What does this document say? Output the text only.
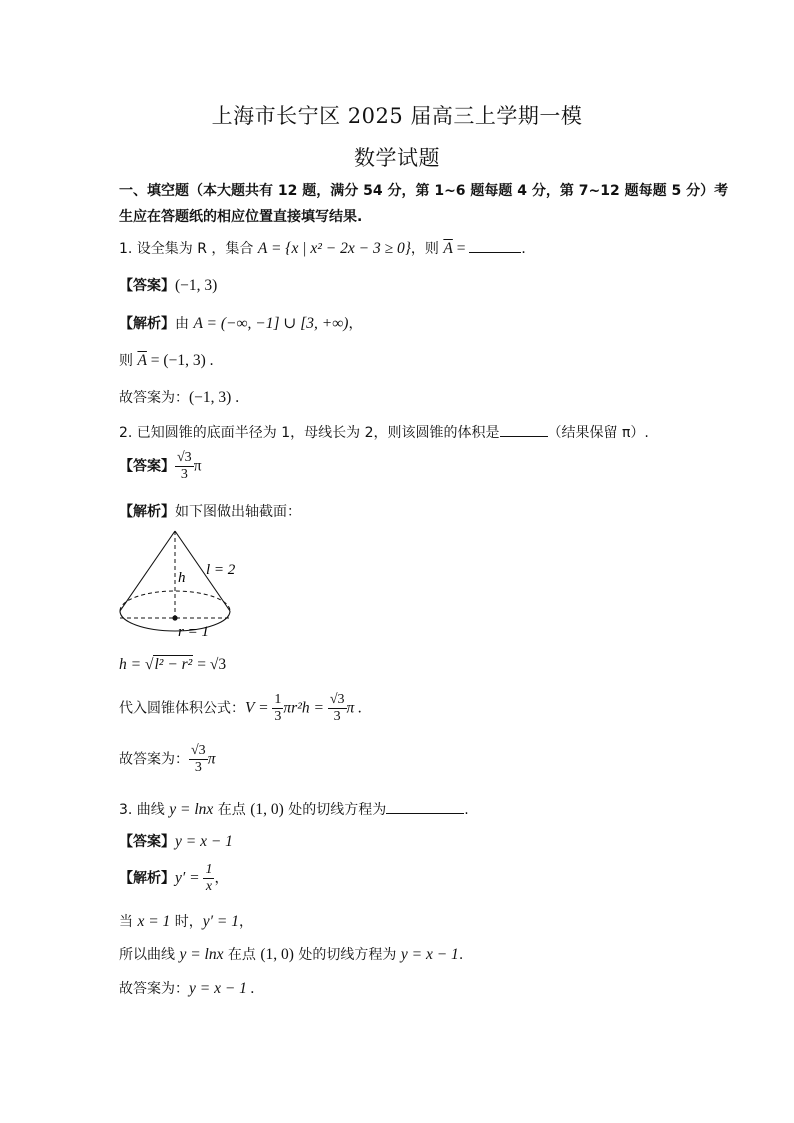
上海市长宁区 2025 届高三上学期一模
数学试题
一、填空题（本大题共有 12 题，满分 54 分，第 1~6 题每题 4 分，第 7~12 题每题 5 分）考
生应在答题纸的相应位置直接填写结果.
1. 设全集为 R ，集合 A = {x | x² − 2x − 3 ≥ 0}，则 $\overline{A}$ =	．
【答案】(−1, 3)
【解析】由 A = (−∞, −1] ∪ [3, +∞)，
则 $\overline{A} = (-1$, 3) .
故答案为：(−1, 3) .
2. 已知圆锥的底面半径为 1，母线长为 2，则该圆锥的体积是	（结果保留 π）.
【答案】 $\frac{√3}{3}$ π
【解析】如下图做出轴截面：
h l = 2
r = 1
h = √l² − r² = √3
代入圆锥体积公式：$V = \frac{1}{3} \pi r^2h = \frac{√3}{3}$ π .
故答案为： $\frac{√3}{3}$ π
3. 曲线 y = lnx 在点 (1, 0) 处的切线方程为	.
【答案】y = x − 1
【解析】$y' = \frac{1}{x}$ ，
当 x = 1 时，y′ = 1，
所以曲线 y = lnx 在点 (1, 0) 处的切线方程为 y = x − 1.
故答案为：y = x − 1 .
